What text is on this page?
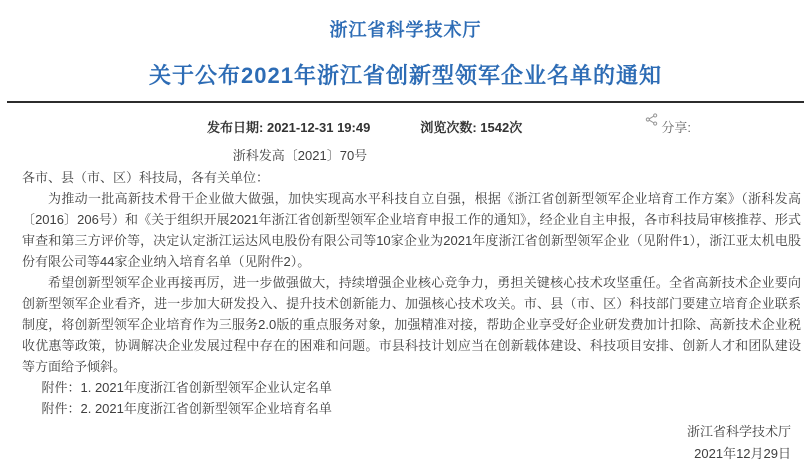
浙江省科学技术厅
关于公布2021年浙江省创新型领军企业名单的通知
发布日期: 2021-12-31 19:49	浏览次数: 1542次	分享:
浙科发高〔2021〕70号
各市、县（市、区）科技局，各有关单位：

为推动一批高新技术骨干企业做大做强，加快实现高水平科技自立自强，根据《浙江省创新型领军企业培育工作方案》（浙科发高〔2016〕206号）和《关于组织开展2021年浙江省创新型领军企业培育申报工作的通知》，经企业自主申报，各市科技局审核推荐、形式审查和第三方评价等，决定认定浙江运达风电股份有限公司等10家企业为2021年度浙江省创新型领军企业（见附件1），浙江亚太机电股份有限公司等44家企业纳入培育名单（见附件2）。

希望创新型领军企业再接再厉，进一步做强做大，持续增强企业核心竞争力，勇担关键核心技术攻坚重任。全省高新技术企业要向创新型领军企业看齐，进一步加大研发投入、提升技术创新能力、加强核心技术攻关。市、县（市、区）科技部门要建立培育企业联系制度，将创新型领军企业培育作为三服务2.0版的重点服务对象，加强精准对接，帮助企业享受好企业研发费加计扣除、高新技术企业税收优惠等政策，协调解决企业发展过程中存在的困难和问题。市县科技计划应当在创新载体建设、科技项目安排、创新人才和团队建设等方面给予倾斜。

附件：1. 2021年度浙江省创新型领军企业认定名单
附件：2. 2021年度浙江省创新型领军企业培育名单
浙江省科学技术厅
2021年12月29日
